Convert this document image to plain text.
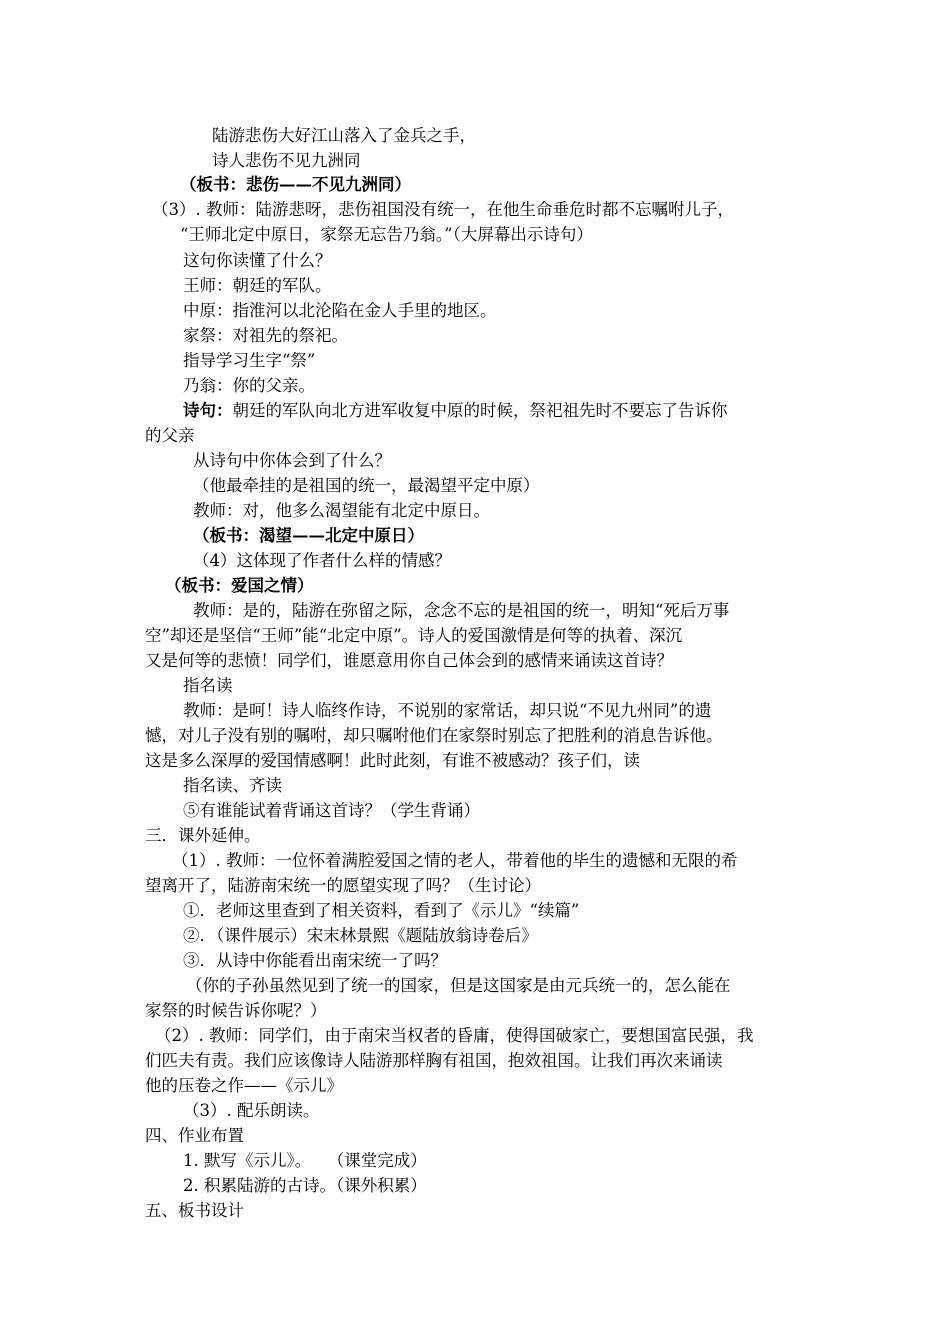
陆游悲伤大好江山落入了金兵之手，
诗人悲伤不见九洲同
（板书：悲伤——不见九洲同）
（3）. 教师：陆游悲呀，悲伤祖国没有统一，在他生命垂危时都不忘嘱咐儿子，
“王师北定中原日，家祭无忘告乃翁。”（大屏幕出示诗句）
这句你读懂了什么？
王师：朝廷的军队。
中原：指淮河以北沦陷在金人手里的地区。
家祭：对祖先的祭祀。
指导学习生字“祭”
乃翁：你的父亲。
诗句：朝廷的军队向北方进军收复中原的时候，祭祀祖先时不要忘了告诉你
的父亲
从诗句中你体会到了什么？
（他最牵挂的是祖国的统一，最渴望平定中原）
教师：对，他多么渴望能有北定中原日。
（板书：渴望——北定中原日）
（4）这体现了作者什么样的情感？
（板书：爱国之情）
教师：是的，陆游在弥留之际，念念不忘的是祖国的统一，明知“死后万事
空”却还是坚信“王师”能“北定中原”。诗人的爱国激情是何等的执着、深沉
又是何等的悲愤！同学们，谁愿意用你自己体会到的感情来诵读这首诗？
指名读
教师：是呵！诗人临终作诗，不说别的家常话，却只说“不见九州同”的遗
憾，对儿子没有别的嘱咐，却只嘱咐他们在家祭时别忘了把胜利的消息告诉他。
这是多么深厚的爱国情感啊！此时此刻，有谁不被感动？孩子们，读
指名读、齐读
⑤有谁能试着背诵这首诗？（学生背诵）
三．课外延伸。
（1）. 教师：一位怀着满腔爱国之情的老人，带着他的毕生的遗憾和无限的希
望离开了，陆游南宋统一的愿望实现了吗？（生讨论）
①．老师这里查到了相关资料，看到了《示儿》“续篇”
②．（课件展示）宋末林景熙《题陆放翁诗卷后》
③．从诗中你能看出南宋统一了吗？
（你的子孙虽然见到了统一的国家，但是这国家是由元兵统一的，怎么能在
家祭的时候告诉你呢？）
（2）. 教师：同学们，由于南宋当权者的昏庸，使得国破家亡，要想国富民强，我
们匹夫有责。我们应该像诗人陆游那样胸有祖国，抱效祖国。让我们再次来诵读
他的压卷之作——《示儿》
（3）. 配乐朗读。
四、作业布置
1. 默写《示儿》。　　（课堂完成）
2. 积累陆游的古诗。（课外积累）
五、板书设计
